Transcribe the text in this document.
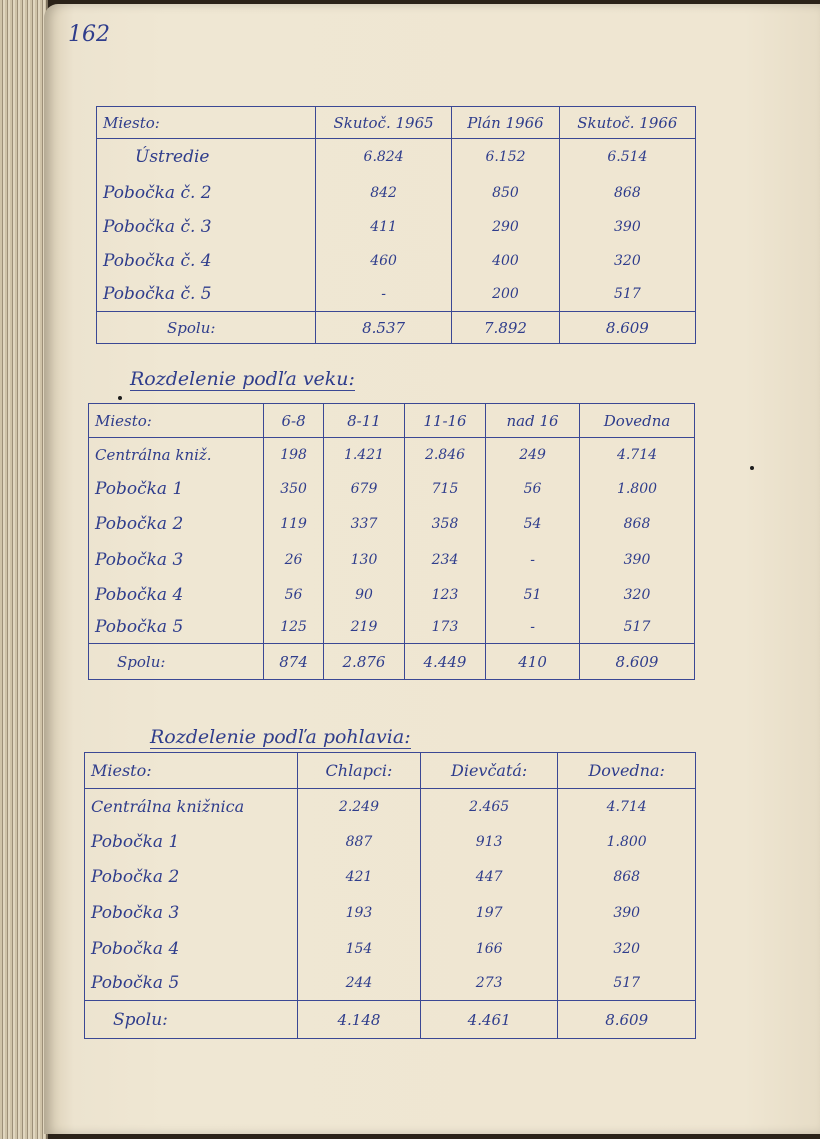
162
Miesto:	Skutoč. 1965	Plán 1966	Skutoč. 1966
Ústredie	6.824	6.152	6.514
Pobočka č. 2	842	850	868
Pobočka č. 3	411	290	390
Pobočka č. 4	460	400	320
Pobočka č. 5	-	200	517
Spolu:	8.537	7.892	8.609
Rozdelenie podľa veku:
Miesto:	6-8	8-11	11-16	nad 16	Dovedna
Centrálna kniž.	198	1.421	2.846	249	4.714
Pobočka 1	350	679	715	56	1.800
Pobočka 2	119	337	358	54	868
Pobočka 3	26	130	234	-	390
Pobočka 4	56	90	123	51	320
Pobočka 5	125	219	173	-	517
Spolu:	874	2.876	4.449	410	8.609
Rozdelenie podľa pohlavia:
Miesto:	Chlapci:	Dievčatá:	Dovedna:
Centrálna knižnica	2.249	2.465	4.714
Pobočka 1	887	913	1.800
Pobočka 2	421	447	868
Pobočka 3	193	197	390
Pobočka 4	154	166	320
Pobočka 5	244	273	517
Spolu:	4.148	4.461	8.609
